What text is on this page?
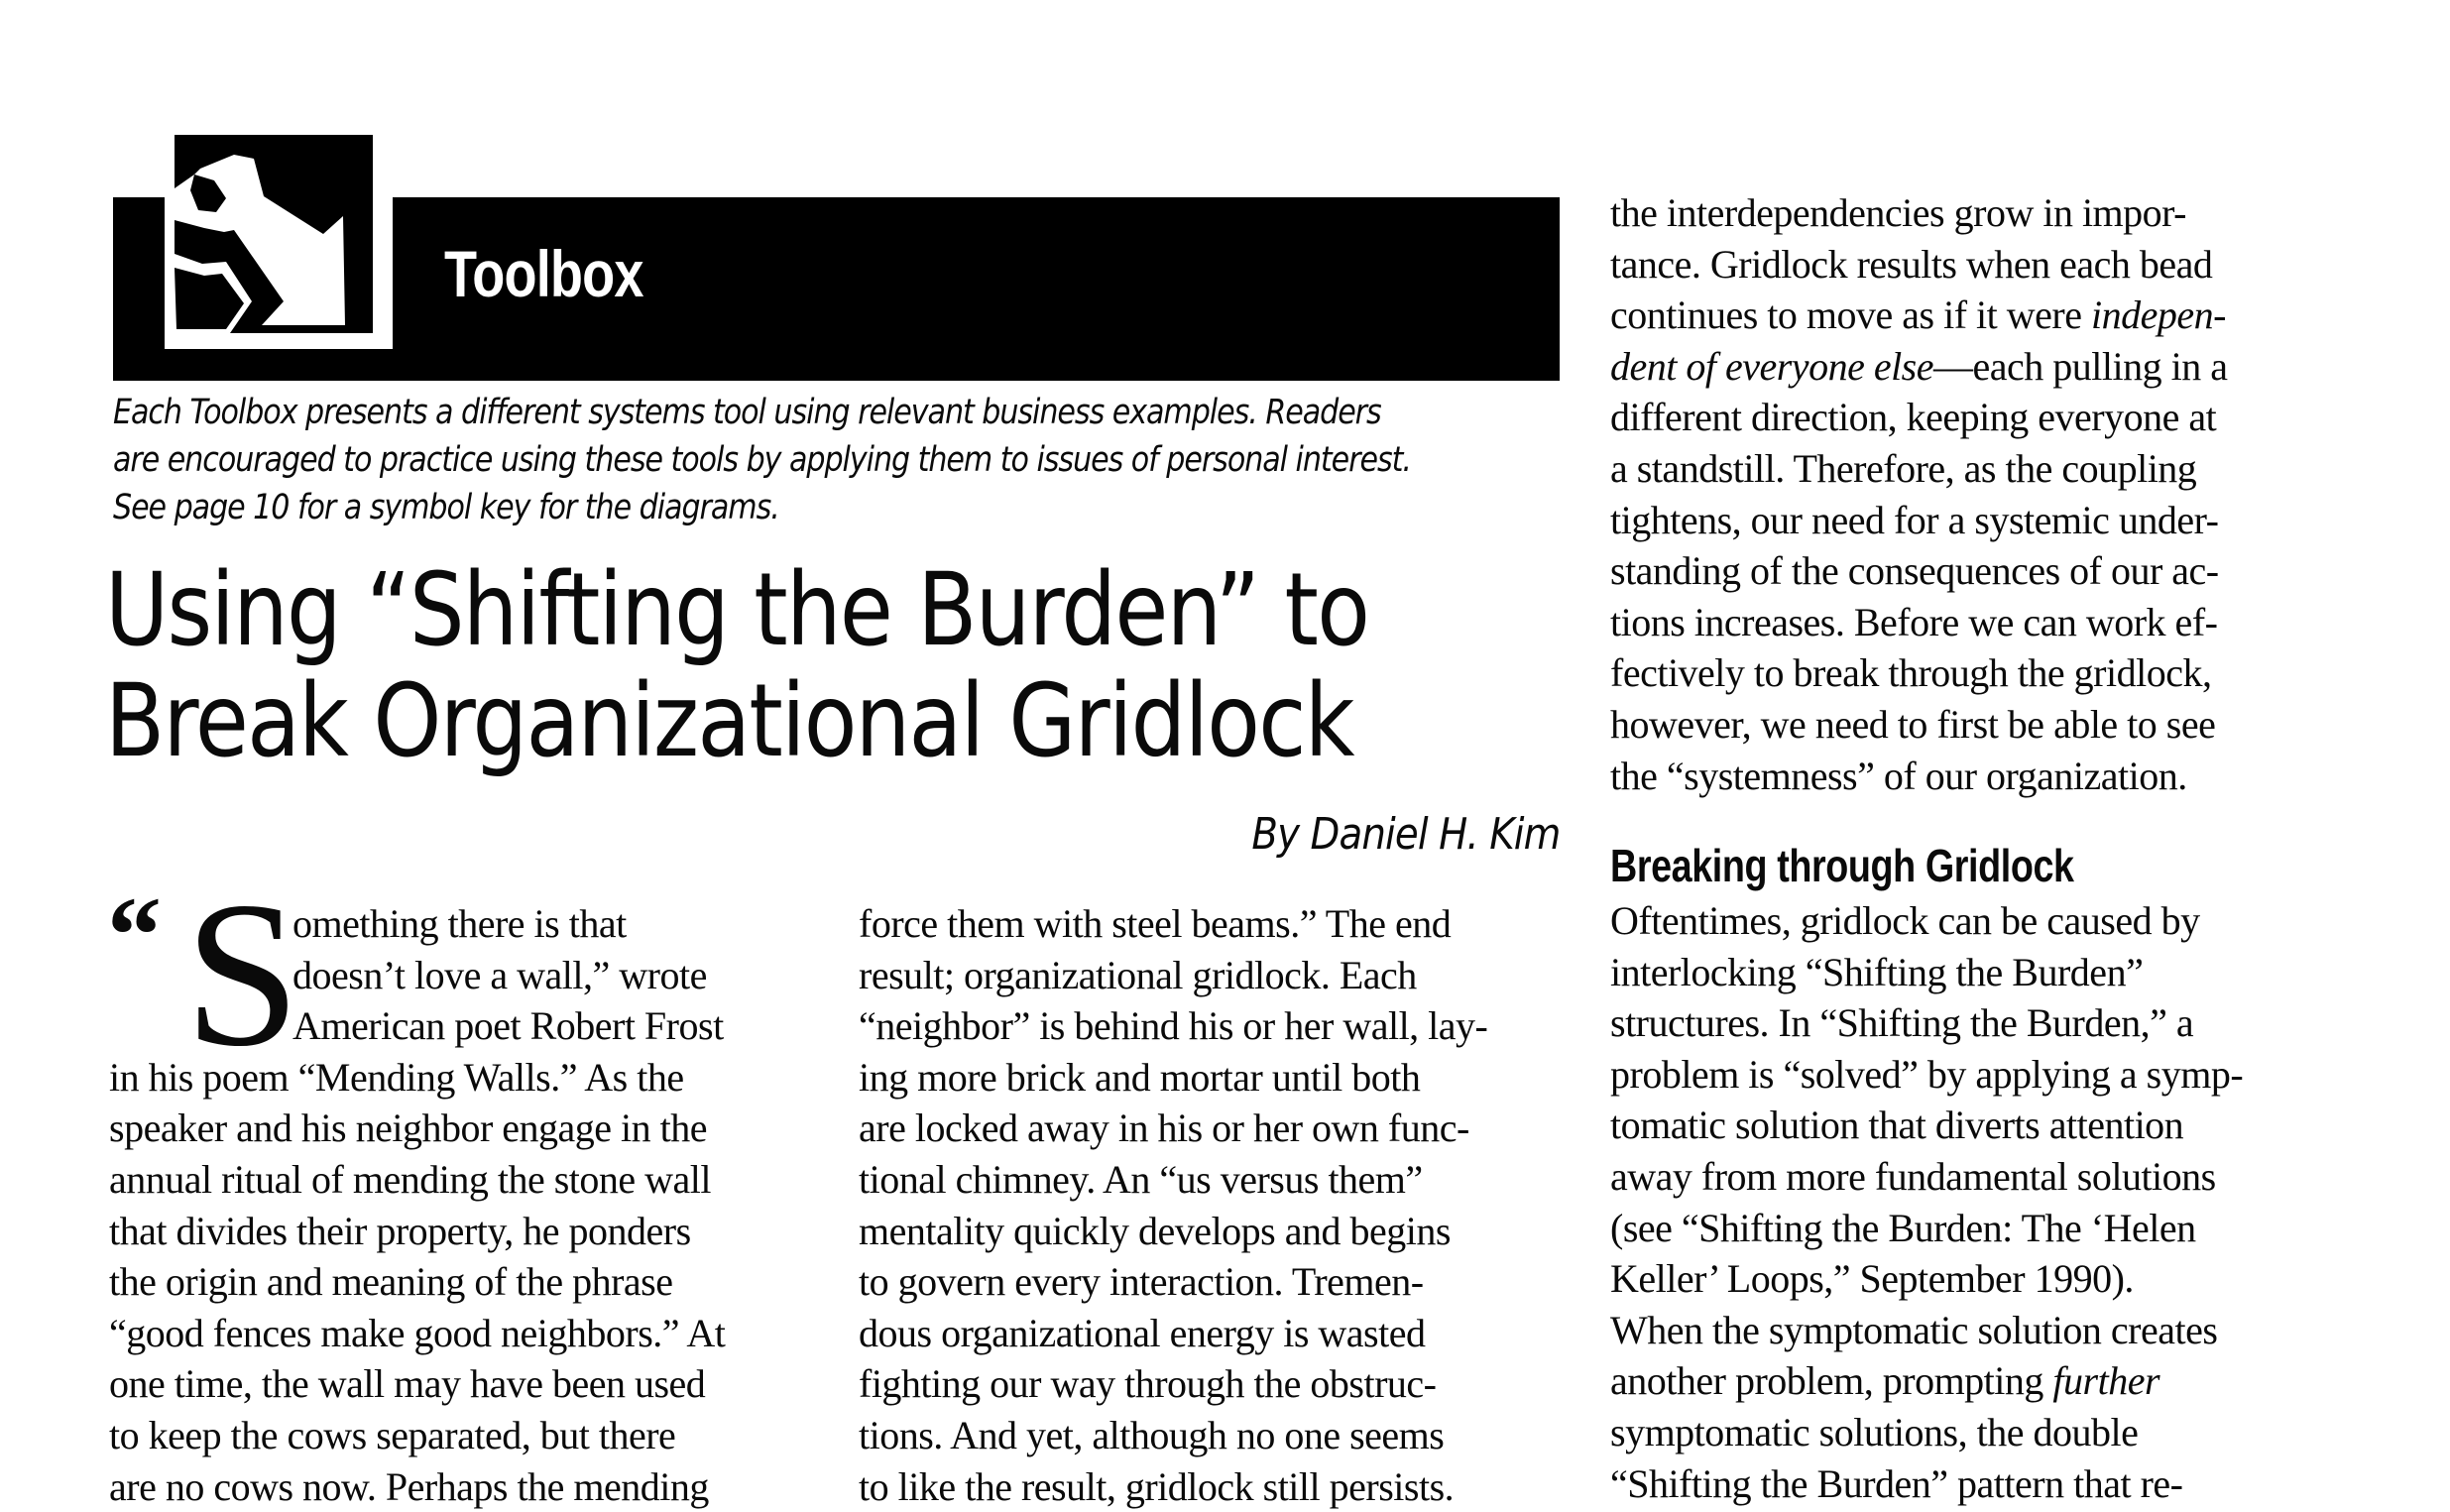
Toolbox
Each Toolbox presents a different systems tool using relevant business examples. Readers
are encouraged to practice using these tools by applying them to issues of personal interest.
See page 10 for a symbol key for the diagrams.
Using “Shifting the Burden” to
Break Organizational Gridlock
By Daniel H. Kim
“ S
omething there is that
doesn’t love a wall,” wrote
American poet Robert Frost
in his poem “Mending Walls.” As the
speaker and his neighbor engage in the
annual ritual of mending the stone wall
that divides their property, he ponders
the origin and meaning of the phrase
“good fences make good neighbors.” At
one time, the wall may have been used
to keep the cows separated, but there
are no cows now. Perhaps the mending
force them with steel beams.” The end
result; organizational gridlock. Each
“neighbor” is behind his or her wall, lay-
ing more brick and mortar until both
are locked away in his or her own func-
tional chimney. An “us versus them”
mentality quickly develops and begins
to govern every interaction. Tremen-
dous organizational energy is wasted
fighting our way through the obstruc-
tions. And yet, although no one seems
to like the result, gridlock still persists.
the interdependencies grow in impor-
tance. Gridlock results when each bead
continues to move as if it were indepen-
dent of everyone else—each pulling in a
different direction, keeping everyone at
a standstill. Therefore, as the coupling
tightens, our need for a systemic under-
standing of the consequences of our ac-
tions increases. Before we can work ef-
fectively to break through the gridlock,
however, we need to first be able to see
the “systemness” of our organization.
Breaking through Gridlock
Oftentimes, gridlock can be caused by
interlocking “Shifting the Burden”
structures. In “Shifting the Burden,” a
problem is “solved” by applying a symp-
tomatic solution that diverts attention
away from more fundamental solutions
(see “Shifting the Burden: The ‘Helen
Keller’ Loops,” September 1990).
When the symptomatic solution creates
another problem, prompting further
symptomatic solutions, the double
“Shifting the Burden” pattern that re-
